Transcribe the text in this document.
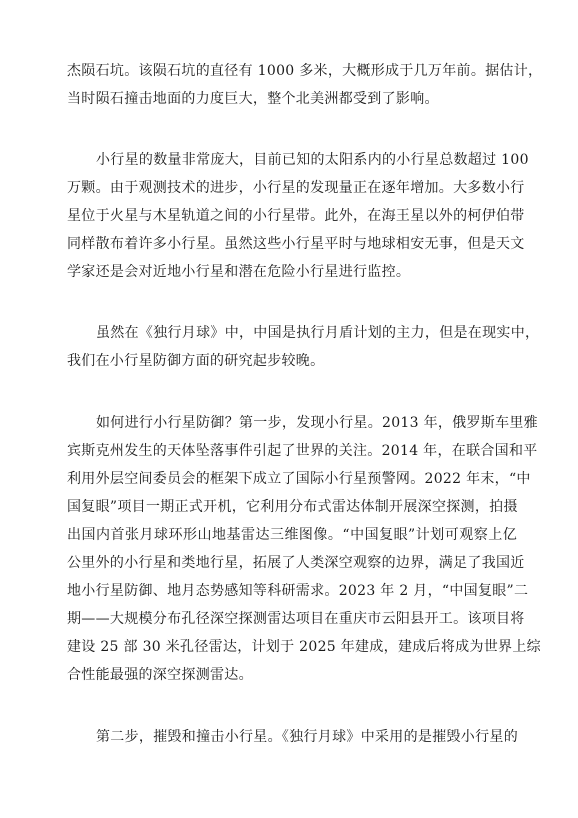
杰陨石坑。该陨石坑的直径有 1000 多米，大概形成于几万年前。据估计，
当时陨石撞击地面的力度巨大，整个北美洲都受到了影响。
小行星的数量非常庞大，目前已知的太阳系内的小行星总数超过 100
万颗。由于观测技术的进步，小行星的发现量正在逐年增加。大多数小行
星位于火星与木星轨道之间的小行星带。此外，在海王星以外的柯伊伯带
同样散布着许多小行星。虽然这些小行星平时与地球相安无事，但是天文
学家还是会对近地小行星和潜在危险小行星进行监控。
虽然在《独行月球》中，中国是执行月盾计划的主力，但是在现实中，
我们在小行星防御方面的研究起步较晚。
如何进行小行星防御？第一步，发现小行星。2013 年，俄罗斯车里雅
宾斯克州发生的天体坠落事件引起了世界的关注。2014 年，在联合国和平
利用外层空间委员会的框架下成立了国际小行星预警网。2022 年末，“中
国复眼”项目一期正式开机，它利用分布式雷达体制开展深空探测，拍摄
出国内首张月球环形山地基雷达三维图像。“中国复眼”计划可观察上亿
公里外的小行星和类地行星，拓展了人类深空观察的边界，满足了我国近
地小行星防御、地月态势感知等科研需求。2023 年 2 月，“中国复眼”二
期——大规模分布孔径深空探测雷达项目在重庆市云阳县开工。该项目将
建设 25 部 30 米孔径雷达，计划于 2025 年建成，建成后将成为世界上综
合性能最强的深空探测雷达。
第二步，摧毁和撞击小行星。《独行月球》中采用的是摧毁小行星的
